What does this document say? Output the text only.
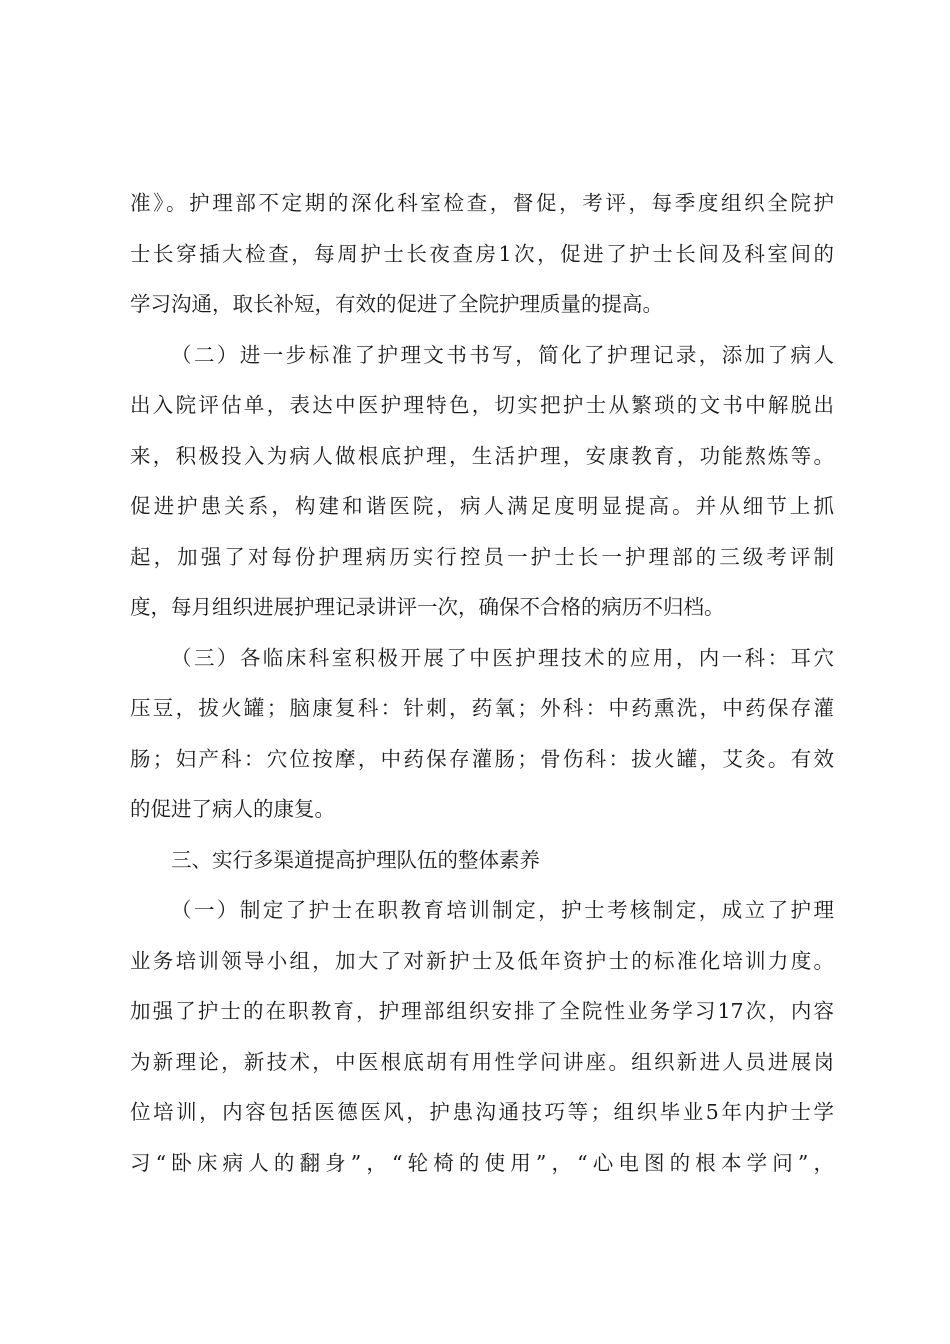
准》。护理部不定期的深化科室检查，督促，考评，每季度组织全院护
士长穿插大检查，每周护士长夜查房1次，促进了护士长间及科室间的
学习沟通，取长补短，有效的促进了全院护理质量的提高。
（二）进一步标准了护理文书书写，简化了护理记录，添加了病人
出入院评估单，表达中医护理特色，切实把护士从繁琐的文书中解脱出
来，积极投入为病人做根底护理，生活护理，安康教育，功能熬炼等。
促进护患关系，构建和谐医院，病人满足度明显提高。并从细节上抓
起，加强了对每份护理病历实行控员一护士长一护理部的三级考评制
度，每月组织进展护理记录讲评一次，确保不合格的病历不归档。
（三）各临床科室积极开展了中医护理技术的应用，内一科：耳穴
压豆，拔火罐；脑康复科：针刺，药氧；外科：中药熏洗，中药保存灌
肠；妇产科：穴位按摩，中药保存灌肠；骨伤科：拔火罐，艾灸。有效
的促进了病人的康复。
三、实行多渠道提高护理队伍的整体素养
（一）制定了护士在职教育培训制定，护士考核制定，成立了护理
业务培训领导小组，加大了对新护士及低年资护士的标准化培训力度。
加强了护士的在职教育，护理部组织安排了全院性业务学习17次，内容
为新理论，新技术，中医根底胡有用性学问讲座。组织新进人员进展岗
位培训，内容包括医德医风，护患沟通技巧等；组织毕业5年内护士学
习“卧床病人的翻身”，“轮椅的使用”，“心电图的根本学问”，
